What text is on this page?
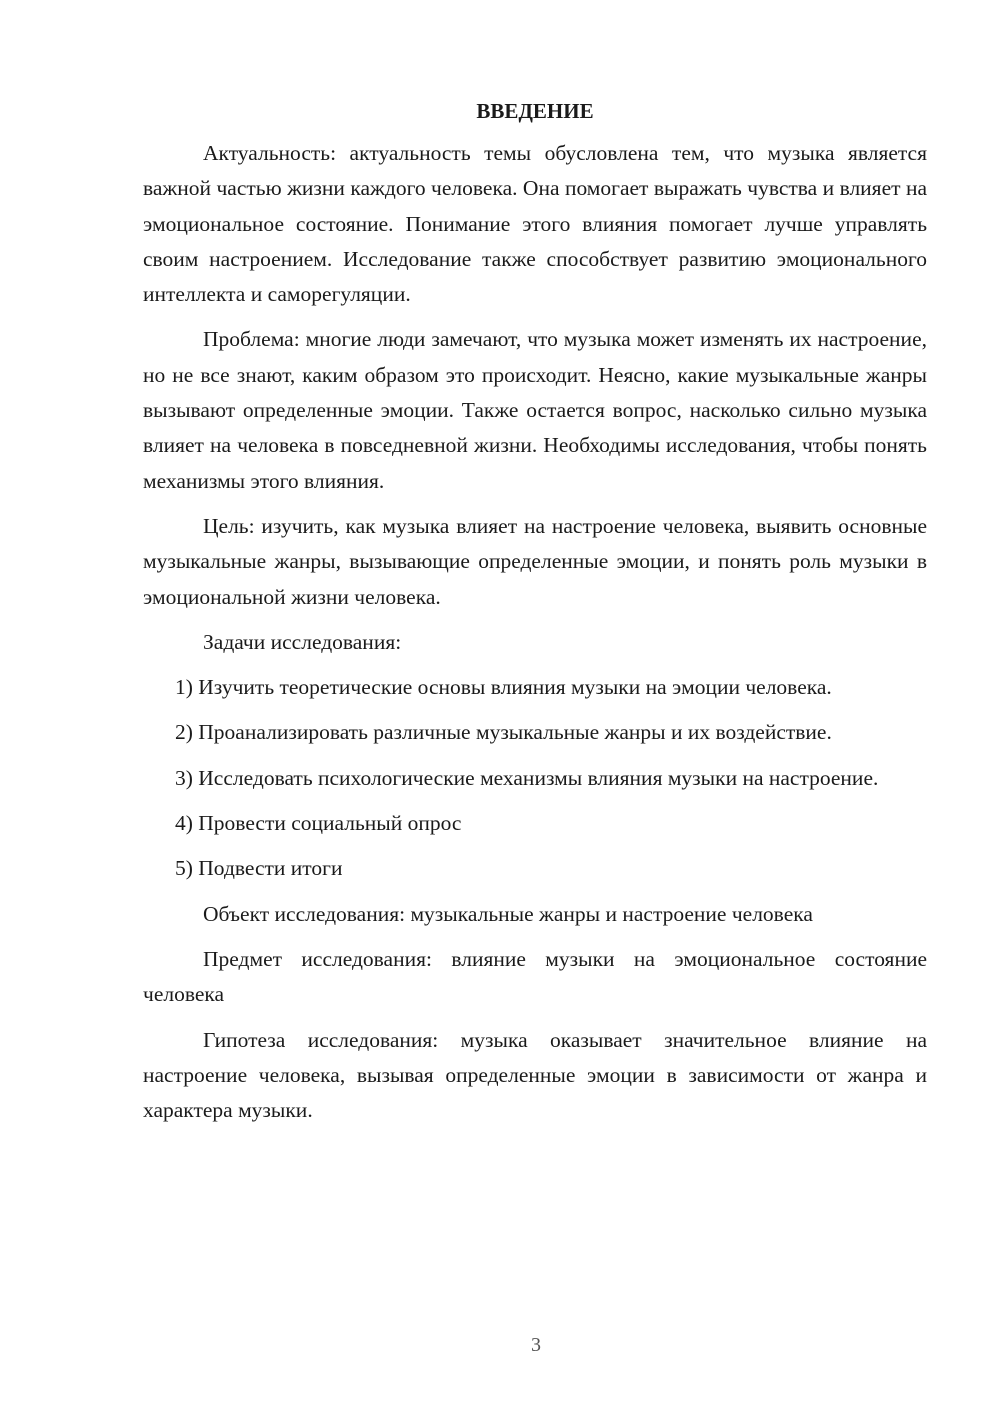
ВВЕДЕНИЕ

Актуальность: актуальность темы обусловлена тем, что музыка является важной частью жизни каждого человека. Она помогает выражать чувства и влияет на эмоциональное состояние. Понимание этого влияния помогает лучше управлять своим настроением. Исследование также способствует развитию эмоционального интеллекта и саморегуляции.

Проблема: многие люди замечают, что музыка может изменять их настроение, но не все знают, каким образом это происходит. Неясно, какие музыкальные жанры вызывают определенные эмоции. Также остается вопрос, насколько сильно музыка влияет на человека в повседневной жизни. Необходимы исследования, чтобы понять механизмы этого влияния.

Цель: изучить, как музыка влияет на настроение человека, выявить основные музыкальные жанры, вызывающие определенные эмоции, и понять роль музыки в эмоциональной жизни человека.

Задачи исследования:

1) Изучить теоретические основы влияния музыки на эмоции человека.

2) Проанализировать различные музыкальные жанры и их воздействие.

3) Исследовать психологические механизмы влияния музыки на настроение.

4) Провести социальный опрос

5) Подвести итоги

Объект исследования: музыкальные жанры и настроение человека

Предмет исследования: влияние музыки на эмоциональное состояние человека

Гипотеза исследования: музыка оказывает значительное влияние на настроение человека, вызывая определенные эмоции в зависимости от жанра и характера музыки.

3
